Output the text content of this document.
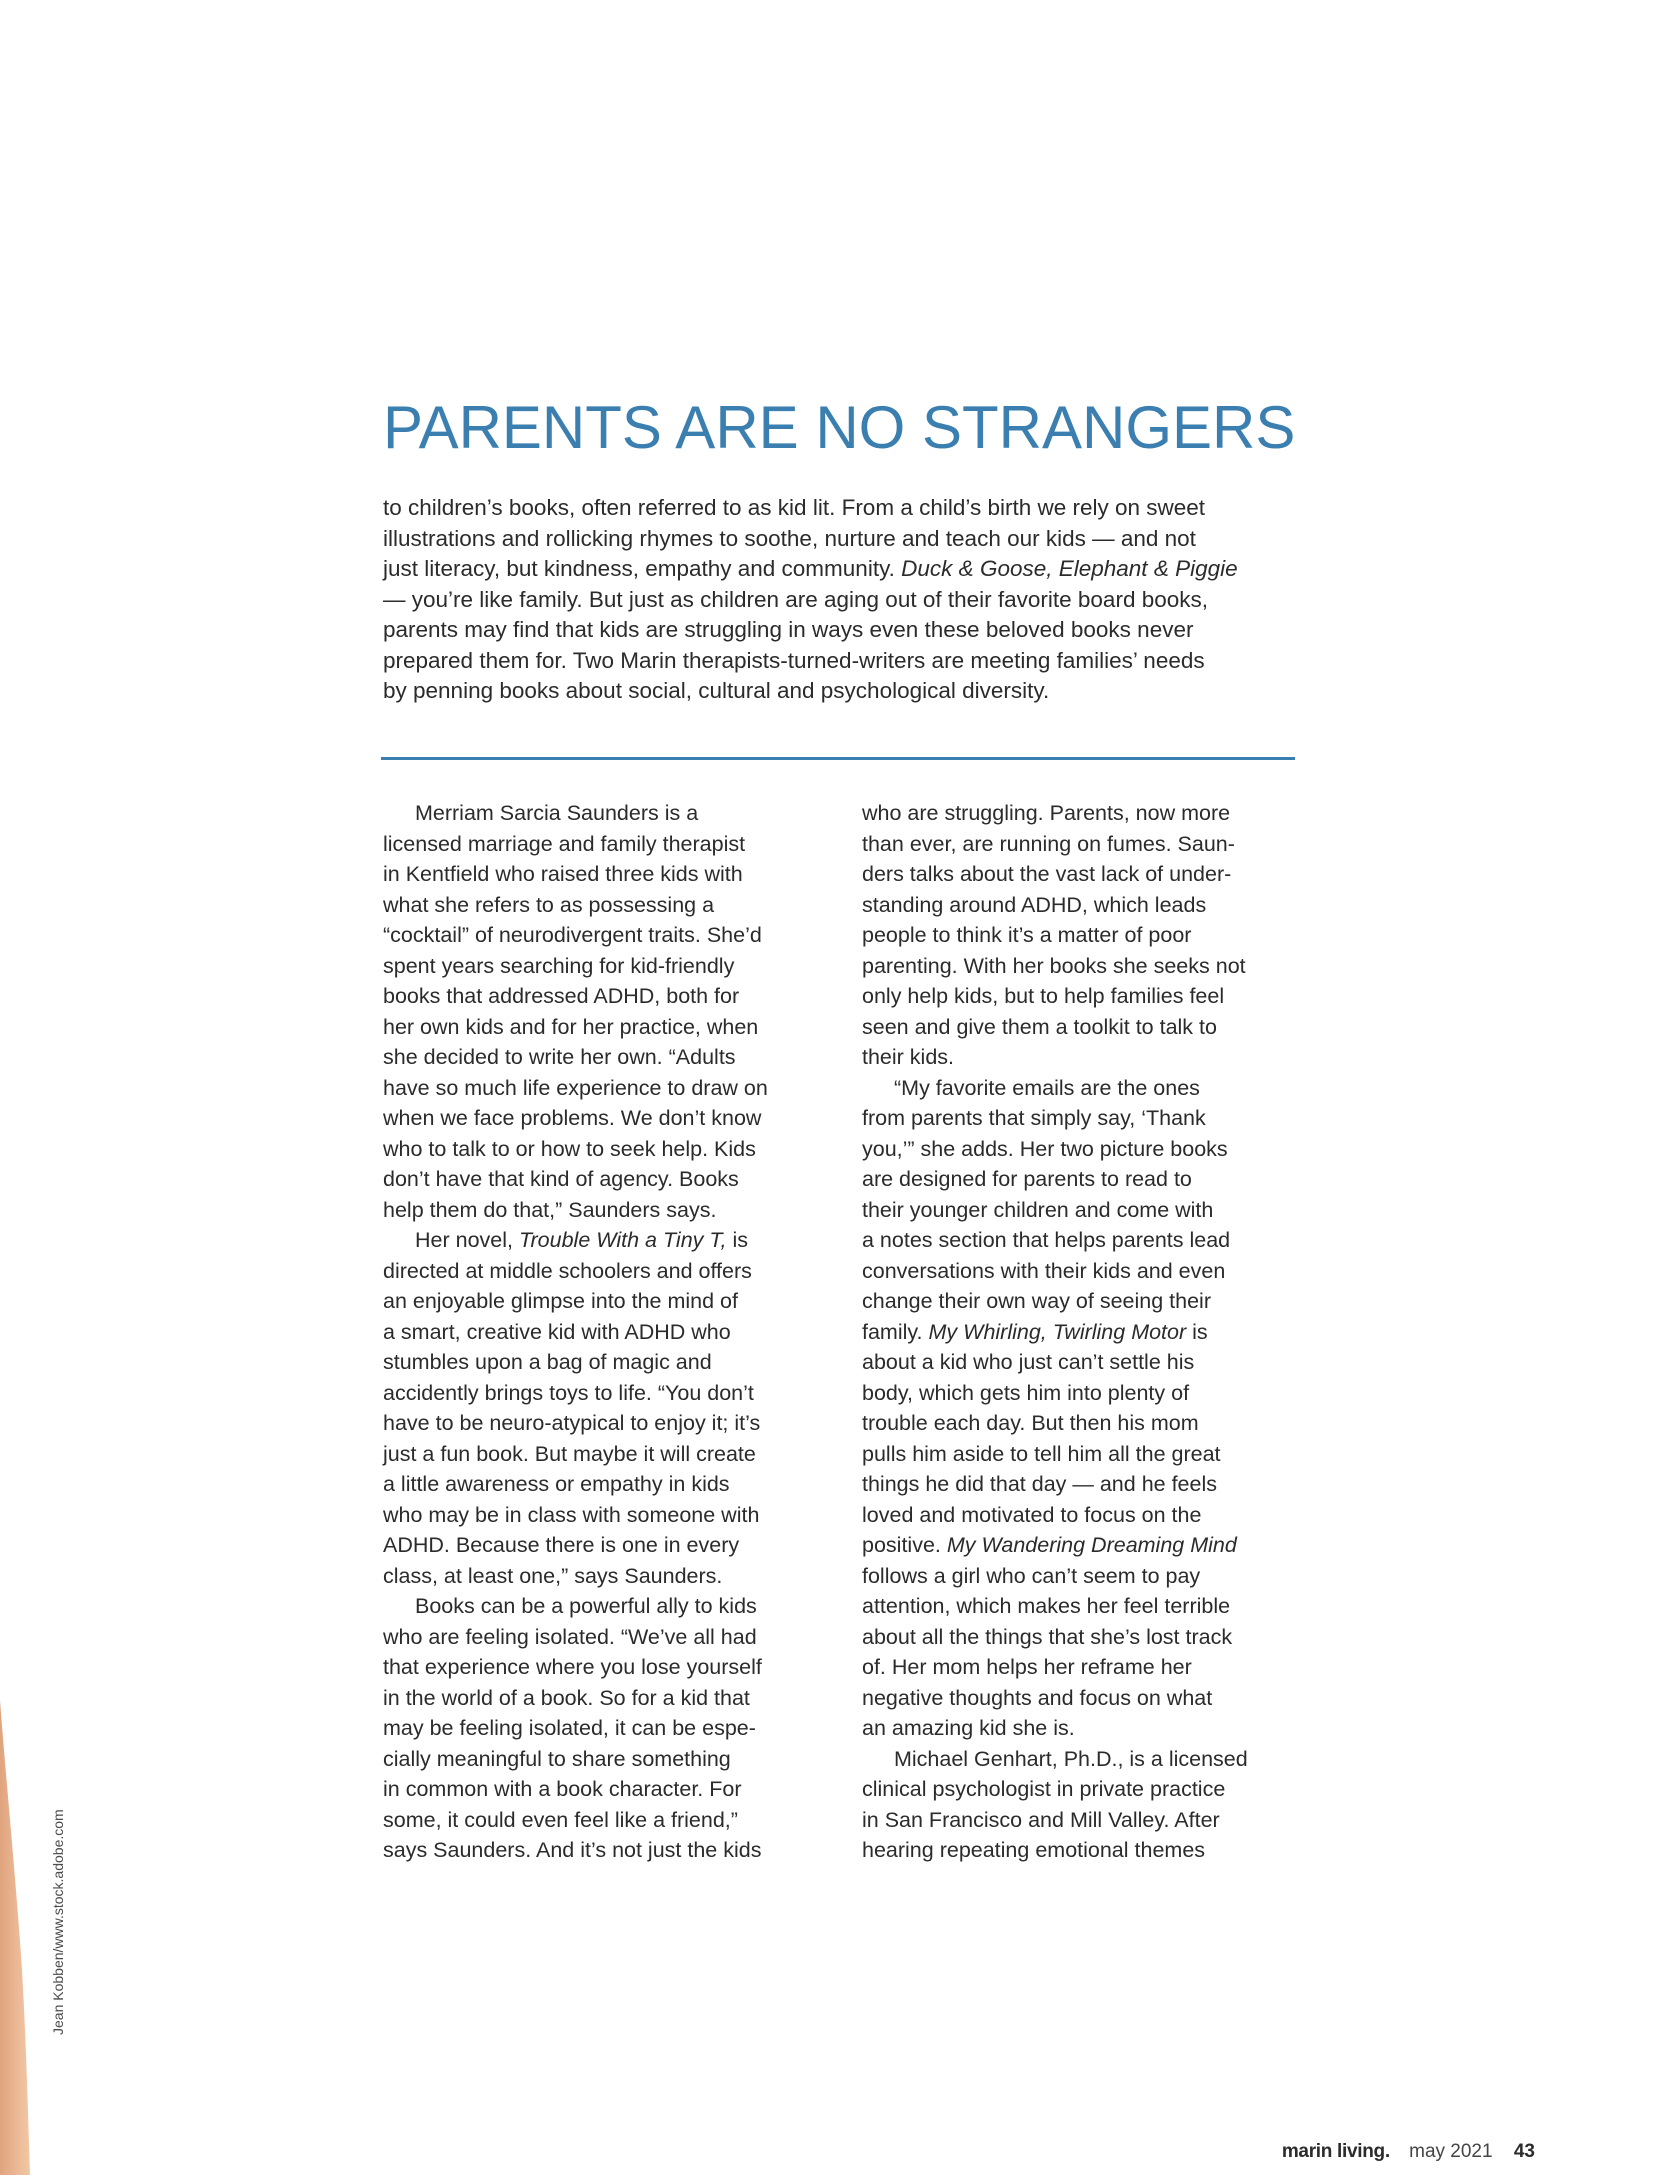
PARENTS ARE NO STRANGERS

to children’s books, often referred to as kid lit. From a child’s birth we rely on sweet

illustrations and rollicking rhymes to soothe, nurture and teach our kids — and not

just literacy, but kindness, empathy and community. Duck & Goose, Elephant & Piggie

— you’re like family. But just as children are aging out of their favorite board books,

parents may find that kids are struggling in ways even these beloved books never

prepared them for. Two Marin therapists-turned-writers are meeting families’ needs

by penning books about social, cultural and psychological diversity.

Merriam Sarcia Saunders is a
licensed marriage and family therapist
in Kentfield who raised three kids with
what she refers to as possessing a
“cocktail” of neurodivergent traits. She’d
spent years searching for kid-friendly
books that addressed ADHD, both for
her own kids and for her practice, when
she decided to write her own. “Adults
have so much life experience to draw on
when we face problems. We don’t know
who to talk to or how to seek help. Kids
don’t have that kind of agency. Books
help them do that,” Saunders says.
Her novel, Trouble With a Tiny T, is
directed at middle schoolers and offers
an enjoyable glimpse into the mind of
a smart, creative kid with ADHD who
stumbles upon a bag of magic and
accidently brings toys to life. “You don’t
have to be neuro-atypical to enjoy it; it’s
just a fun book. But maybe it will create
a little awareness or empathy in kids
who may be in class with someone with
ADHD. Because there is one in every
class, at least one,” says Saunders.
Books can be a powerful ally to kids
who are feeling isolated. “We’ve all had
that experience where you lose yourself
in the world of a book. So for a kid that
may be feeling isolated, it can be espe-
cially meaningful to share something
in common with a book character. For
some, it could even feel like a friend,”
says Saunders. And it’s not just the kids
who are struggling. Parents, now more
than ever, are running on fumes. Saun-
ders talks about the vast lack of under-
standing around ADHD, which leads
people to think it’s a matter of poor
parenting. With her books she seeks not
only help kids, but to help families feel
seen and give them a toolkit to talk to
their kids.
“My favorite emails are the ones
from parents that simply say, ‘Thank
you,’” she adds. Her two picture books
are designed for parents to read to
their younger children and come with
a notes section that helps parents lead
conversations with their kids and even
change their own way of seeing their
family. My Whirling, Twirling Motor is
about a kid who just can’t settle his
body, which gets him into plenty of
trouble each day. But then his mom
pulls him aside to tell him all the great
things he did that day — and he feels
loved and motivated to focus on the
positive. My Wandering Dreaming Mind
follows a girl who can’t seem to pay
attention, which makes her feel terrible
about all the things that she’s lost track
of. Her mom helps her reframe her
negative thoughts and focus on what
an amazing kid she is.
Michael Genhart, Ph.D., is a licensed
clinical psychologist in private practice
in San Francisco and Mill Valley. After
hearing repeating emotional themes
Jean Kobben/www.stock.adobe.com
marin living. may 2021 43
